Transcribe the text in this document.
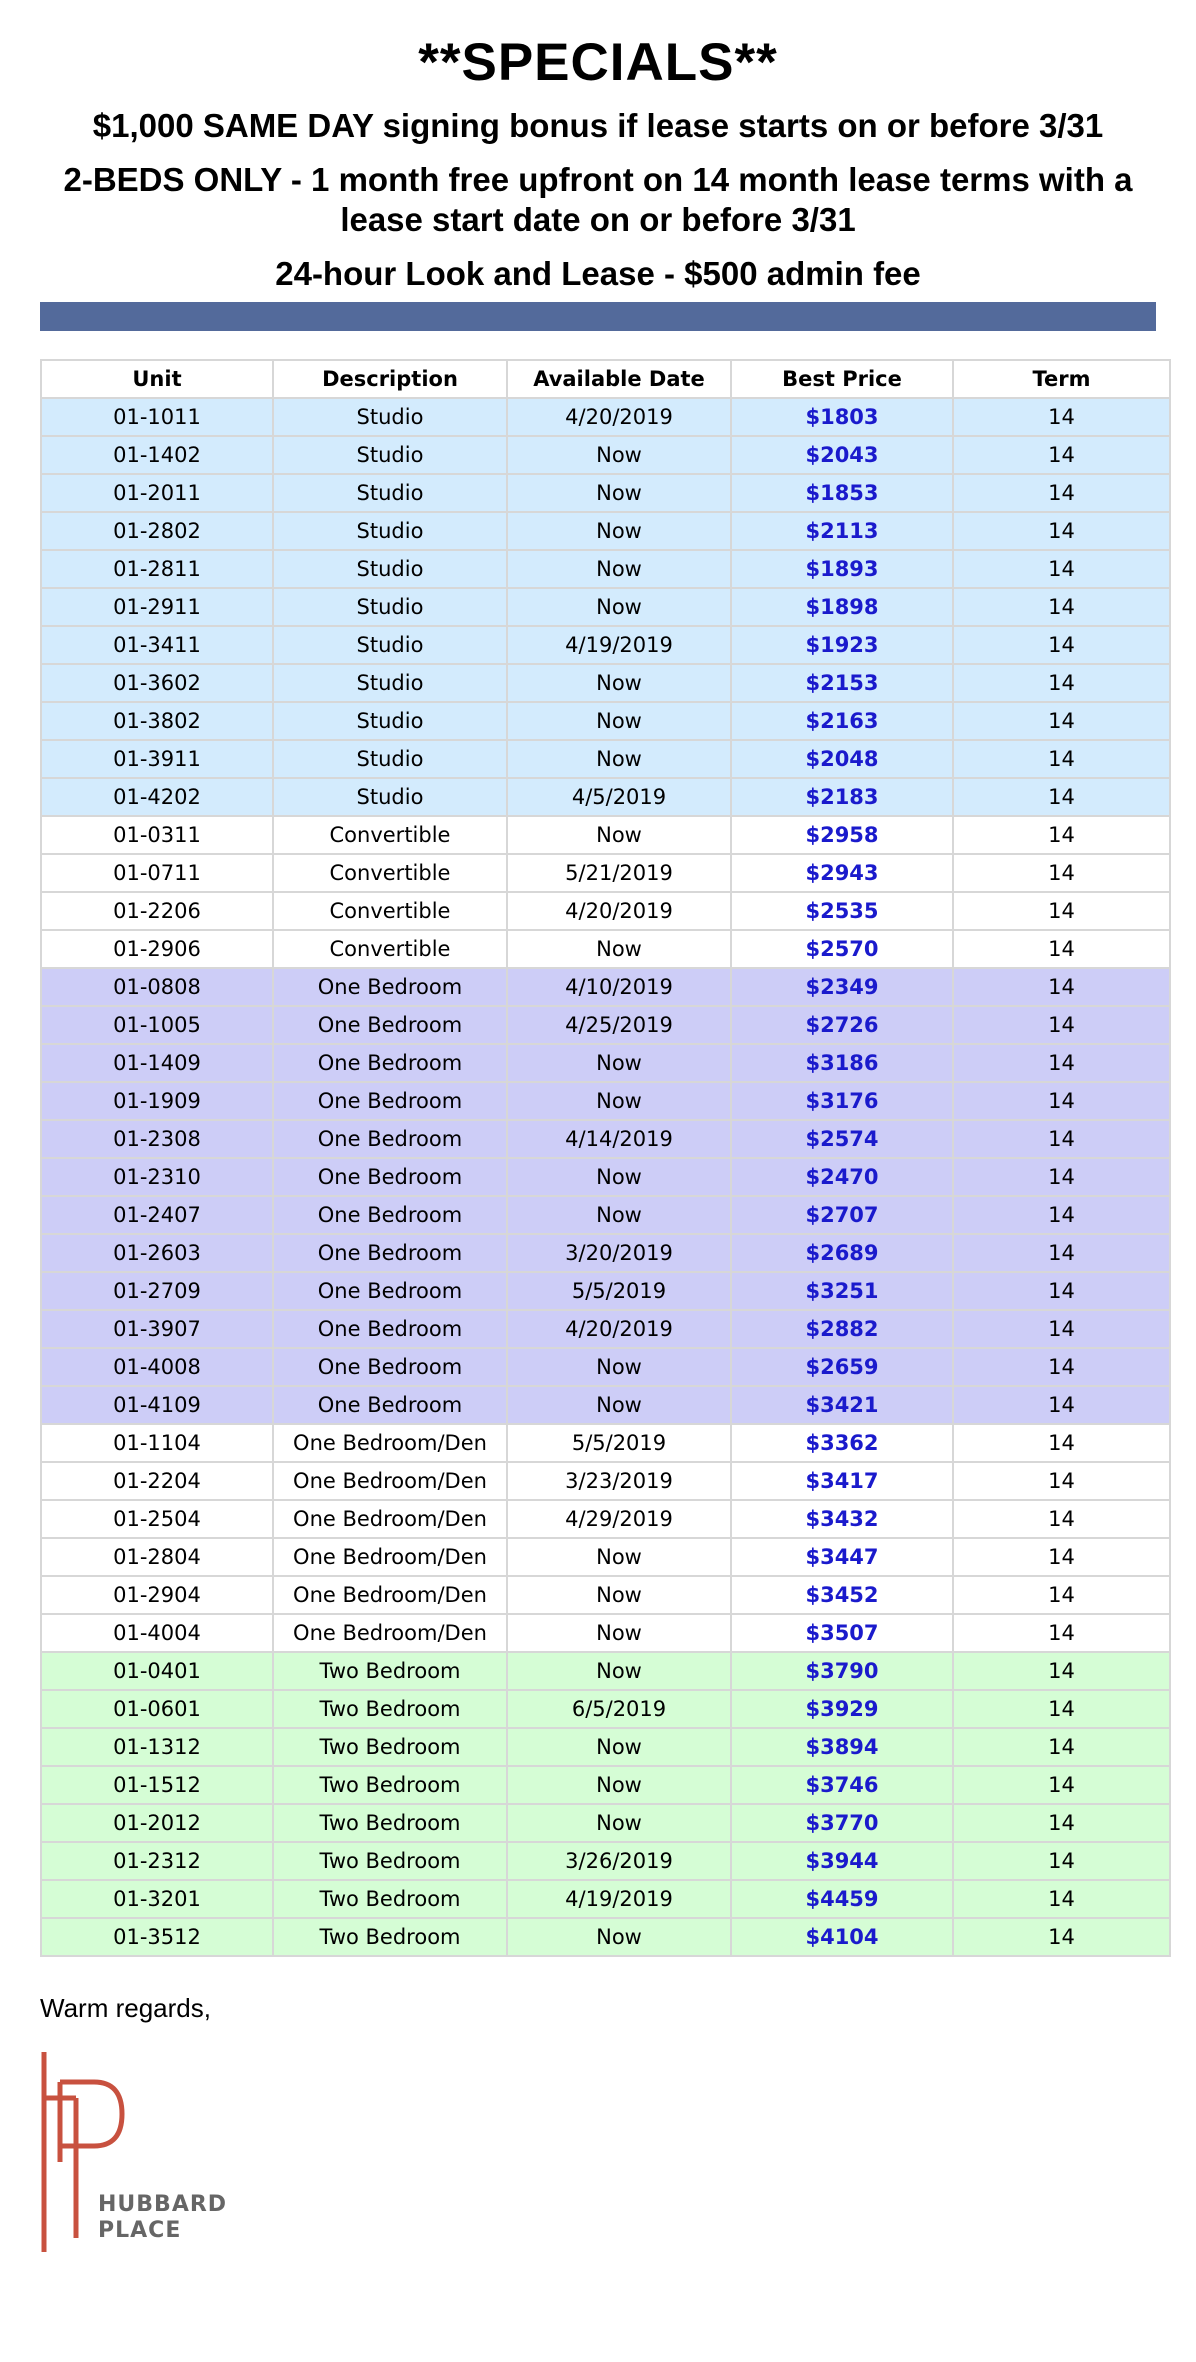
**SPECIALS**
$1,000 SAME DAY signing bonus if lease starts on or before 3/31
2-BEDS ONLY - 1 month free upfront on 14 month lease terms with a lease start date on or before 3/31
24-hour Look and Lease - $500 admin fee
Unit	Description	Available Date	Best Price	Term
01-1011	Studio	4/20/2019	$1803	14
01-1402	Studio	Now	$2043	14
01-2011	Studio	Now	$1853	14
01-2802	Studio	Now	$2113	14
01-2811	Studio	Now	$1893	14
01-2911	Studio	Now	$1898	14
01-3411	Studio	4/19/2019	$1923	14
01-3602	Studio	Now	$2153	14
01-3802	Studio	Now	$2163	14
01-3911	Studio	Now	$2048	14
01-4202	Studio	4/5/2019	$2183	14
01-0311	Convertible	Now	$2958	14
01-0711	Convertible	5/21/2019	$2943	14
01-2206	Convertible	4/20/2019	$2535	14
01-2906	Convertible	Now	$2570	14
01-0808	One Bedroom	4/10/2019	$2349	14
01-1005	One Bedroom	4/25/2019	$2726	14
01-1409	One Bedroom	Now	$3186	14
01-1909	One Bedroom	Now	$3176	14
01-2308	One Bedroom	4/14/2019	$2574	14
01-2310	One Bedroom	Now	$2470	14
01-2407	One Bedroom	Now	$2707	14
01-2603	One Bedroom	3/20/2019	$2689	14
01-2709	One Bedroom	5/5/2019	$3251	14
01-3907	One Bedroom	4/20/2019	$2882	14
01-4008	One Bedroom	Now	$2659	14
01-4109	One Bedroom	Now	$3421	14
01-1104	One Bedroom/Den	5/5/2019	$3362	14
01-2204	One Bedroom/Den	3/23/2019	$3417	14
01-2504	One Bedroom/Den	4/29/2019	$3432	14
01-2804	One Bedroom/Den	Now	$3447	14
01-2904	One Bedroom/Den	Now	$3452	14
01-4004	One Bedroom/Den	Now	$3507	14
01-0401	Two Bedroom	Now	$3790	14
01-0601	Two Bedroom	6/5/2019	$3929	14
01-1312	Two Bedroom	Now	$3894	14
01-1512	Two Bedroom	Now	$3746	14
01-2012	Two Bedroom	Now	$3770	14
01-2312	Two Bedroom	3/26/2019	$3944	14
01-3201	Two Bedroom	4/19/2019	$4459	14
01-3512	Two Bedroom	Now	$4104	14
Warm regards,
HUBBARD
PLACE
